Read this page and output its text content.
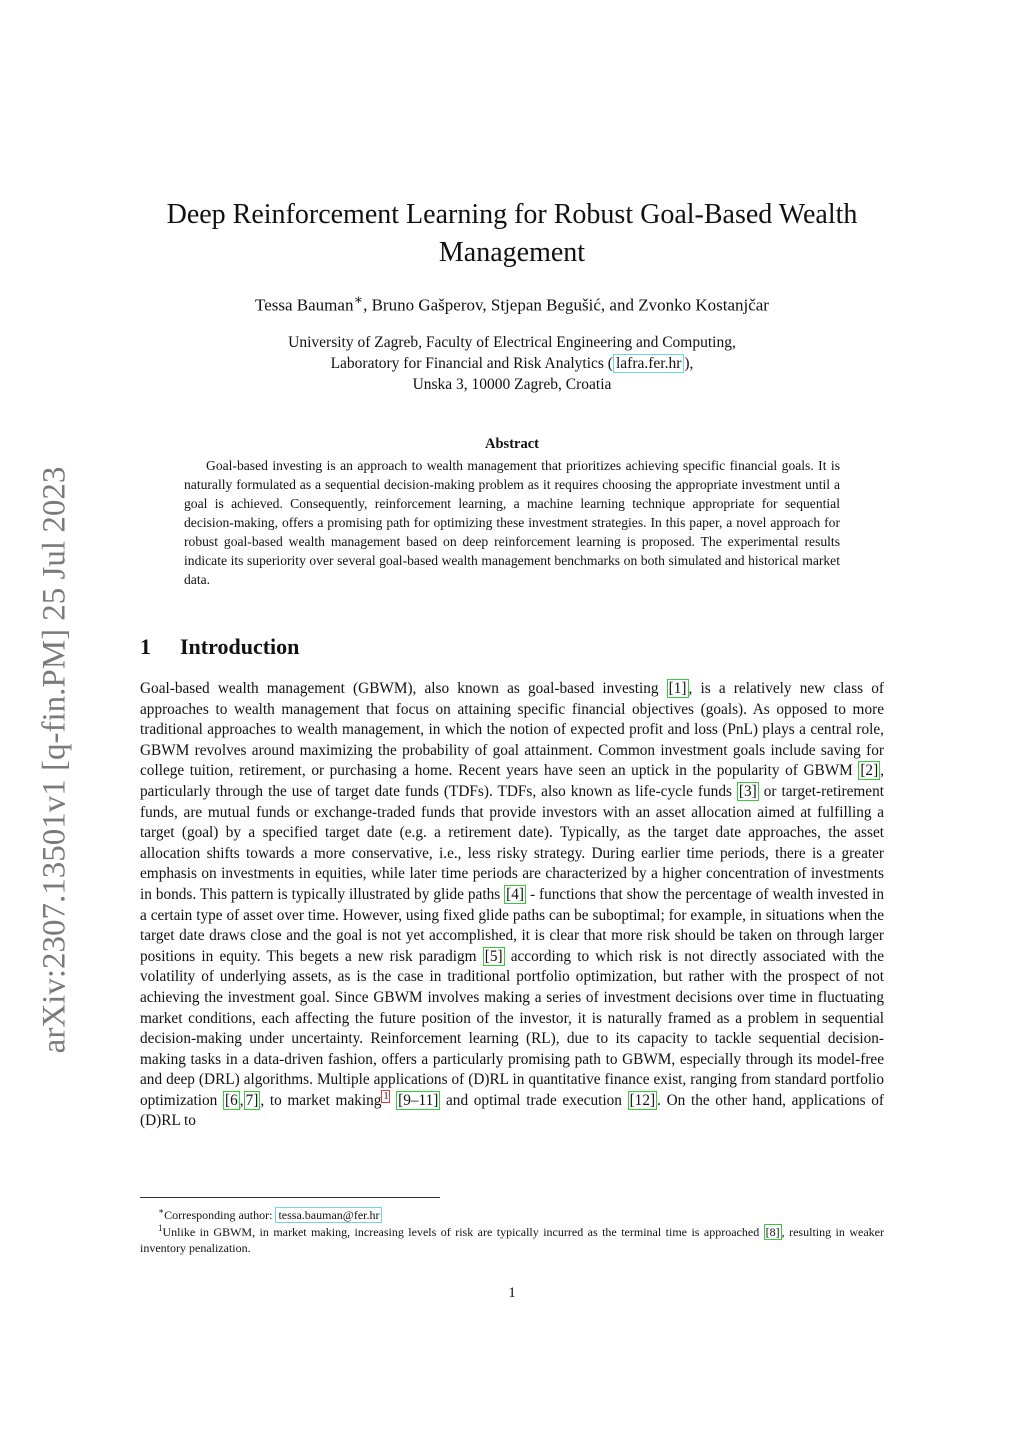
arXiv:2307.13501v1 [q-fin.PM] 25 Jul 2023
Deep Reinforcement Learning for Robust Goal-Based Wealth Management
Tessa Bauman∗, Bruno Gašperov, Stjepan Begušić, and Zvonko Kostanjčar
University of Zagreb, Faculty of Electrical Engineering and Computing,
Laboratory for Financial and Risk Analytics ( lafra.fer.hr ),
Unska 3, 10000 Zagreb, Croatia
Abstract

Goal-based investing is an approach to wealth management that prioritizes achieving specific financial goals. It is naturally formulated as a sequential decision-making problem as it requires choosing the appropriate investment until a goal is achieved. Consequently, reinforcement learning, a machine learning technique appropriate for sequential decision-making, offers a promising path for optimizing these investment strategies. In this paper, a novel approach for robust goal-based wealth management based on deep reinforcement learning is proposed. The experimental results indicate its superiority over several goal-based wealth management benchmarks on both simulated and historical market data.

1 Introduction

Goal-based wealth management (GBWM), also known as goal-based investing [1] , is a relatively new class of approaches to wealth management that focus on attaining specific financial objectives (goals). As opposed to more traditional approaches to wealth management, in which the notion of expected profit and loss (PnL) plays a central role, GBWM revolves around maximizing the probability of goal attainment. Common investment goals include saving for college tuition, retirement, or purchasing a home. Recent years have seen an uptick in the popularity of GBWM [2] , particularly through the use of target date funds (TDFs). TDFs, also known as life-cycle funds [3] or target-retirement funds, are mutual funds or exchange-traded funds that provide investors with an asset allocation aimed at fulfilling a target (goal) by a specified target date (e.g. a retirement date). Typically, as the target date approaches, the asset allocation shifts towards a more conservative, i.e., less risky strategy. During earlier time periods, there is a greater emphasis on investments in equities, while later time periods are characterized by a higher concentration of investments in bonds. This pattern is typically illustrated by glide paths [4] - functions that show the percentage of wealth invested in a certain type of asset over time. However, using fixed glide paths can be suboptimal; for example, in situations when the target date draws close and the goal is not yet accomplished, it is clear that more risk should be taken on through larger positions in equity. This begets a new risk paradigm [5] according to which risk is not directly associated with the volatility of underlying assets, as is the case in traditional portfolio optimization, but rather with the prospect of not achieving the investment goal. Since GBWM involves making a series of investment decisions over time in fluctuating market conditions, each affecting the future position of the investor, it is naturally framed as a problem in sequential decision-making under uncertainty. Reinforcement learning (RL), due to its capacity to tackle sequential decision-making tasks in a data-driven fashion, offers a particularly promising path to GBWM, especially through its model-free and deep (DRL) algorithms. Multiple applications of (D)RL in quantitative finance exist, ranging from standard portfolio optimization [6 , 7] , to market making $^1$ [9–11] and optimal trade execution [12] . On the other hand, applications of (D)RL to

∗Corresponding author: tessa.bauman@fer.hr
$^1$Unlike in GBWM, in market making, increasing levels of risk are typically incurred as the terminal time is approached [8] , resulting in weaker inventory penalization.
1
